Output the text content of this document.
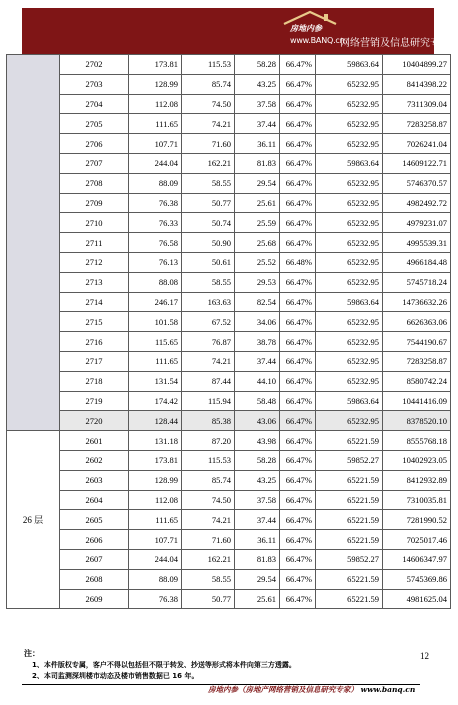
房地内参
www.BANQ.cn
网络营销及信息研究专家
	2702	173.81	115.53	58.28	66.47%	59863.64	10404899.27
	2703	128.99	85.74	43.25	66.47%	65232.95	8414398.22
	2704	112.08	74.50	37.58	66.47%	65232.95	7311309.04
	2705	111.65	74.21	37.44	66.47%	65232.95	7283258.87
	2706	107.71	71.60	36.11	66.47%	65232.95	7026241.04
	2707	244.04	162.21	81.83	66.47%	59863.64	14609122.71
	2708	88.09	58.55	29.54	66.47%	65232.95	5746370.57
	2709	76.38	50.77	25.61	66.47%	65232.95	4982492.72
	2710	76.33	50.74	25.59	66.47%	65232.95	4979231.07
	2711	76.58	50.90	25.68	66.47%	65232.95	4995539.31
	2712	76.13	50.61	25.52	66.48%	65232.95	4966184.48
	2713	88.08	58.55	29.53	66.47%	65232.95	5745718.24
	2714	246.17	163.63	82.54	66.47%	59863.64	14736632.26
	2715	101.58	67.52	34.06	66.47%	65232.95	6626363.06
	2716	115.65	76.87	38.78	66.47%	65232.95	7544190.67
	2717	111.65	74.21	37.44	66.47%	65232.95	7283258.87
	2718	131.54	87.44	44.10	66.47%	65232.95	8580742.24
	2719	174.42	115.94	58.48	66.47%	59863.64	10441416.09
	2720	128.44	85.38	43.06	66.47%	65232.95	8378520.10
26 层	2601	131.18	87.20	43.98	66.47%	65221.59	8555768.18
	2602	173.81	115.53	58.28	66.47%	59852.27	10402923.05
	2603	128.99	85.74	43.25	66.47%	65221.59	8412932.89
	2604	112.08	74.50	37.58	66.47%	65221.59	7310035.81
	2605	111.65	74.21	37.44	66.47%	65221.59	7281990.52
	2606	107.71	71.60	36.11	66.47%	65221.59	7025017.46
	2607	244.04	162.21	81.83	66.47%	59852.27	14606347.97
	2608	88.09	58.55	29.54	66.47%	65221.59	5745369.86
	2609	76.38	50.77	25.61	66.47%	65221.59	4981625.04
注：
1、本件版权专属，客户不得以包括但不限于转发、抄送等形式将本件向第三方透露。
2、本司监测深圳楼市动态及楼市销售数据已 16 年。
12
房地内参（房地产网络营销及信息研究专家） www.banq.cn
